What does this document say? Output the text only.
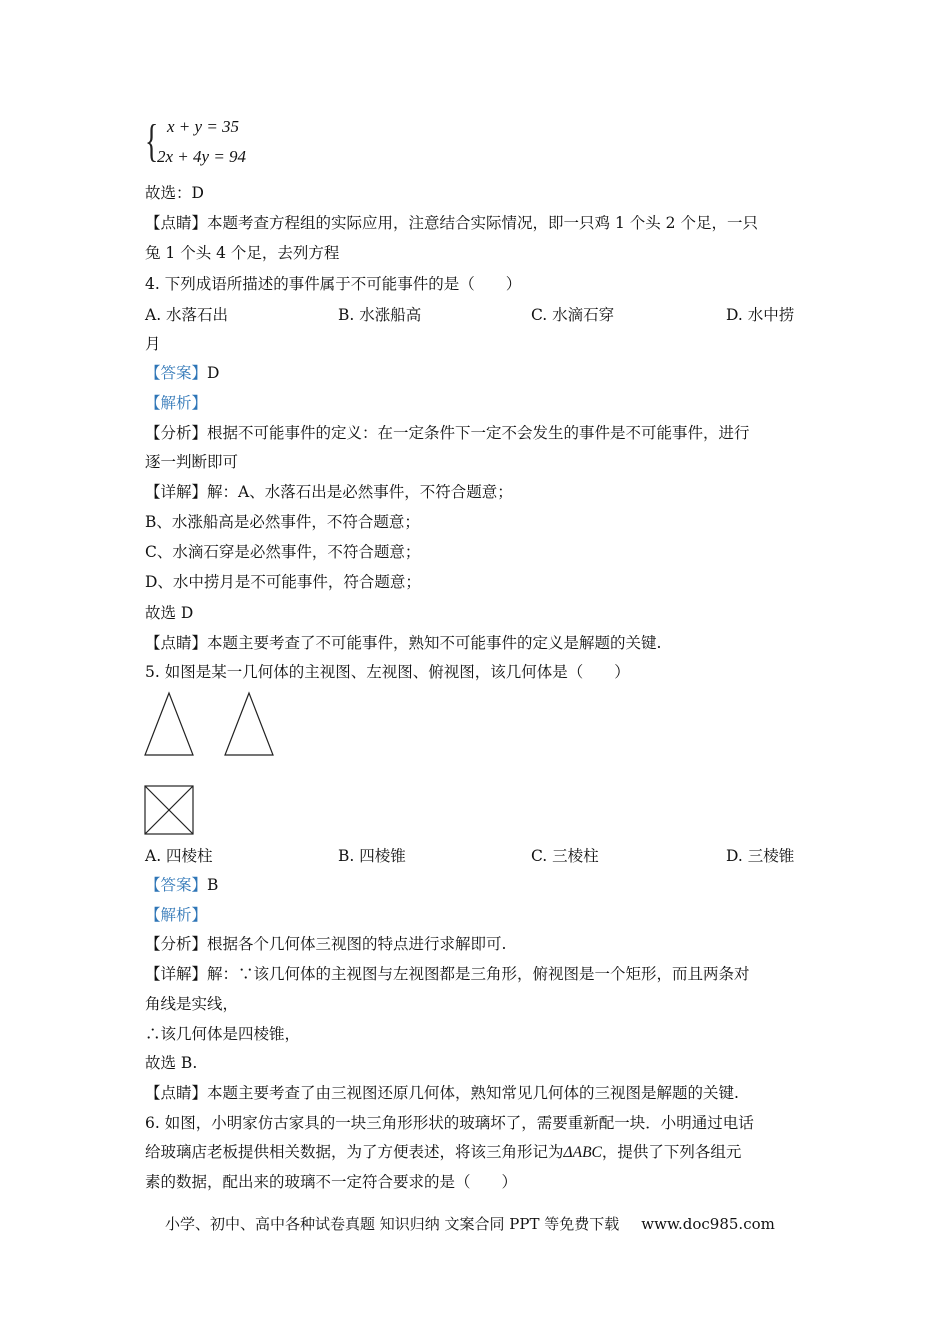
{ x + y = 35
2x + 4y = 94
故选：D
【点睛】本题考查方程组的实际应用，注意结合实际情况，即一只鸡 1 个头 2 个足，一只
兔 1 个头 4 个足，去列方程
4. 下列成语所描述的事件属于不可能事件的是（　　）
A. 水落石出	B. 水涨船高	C. 水滴石穿	D. 水中捞
月
【答案】D
【解析】
【分析】根据不可能事件的定义：在一定条件下一定不会发生的事件是不可能事件，进行
逐一判断即可
【详解】解：A、水落石出是必然事件，不符合题意；
B、水涨船高是必然事件，不符合题意；
C、水滴石穿是必然事件，不符合题意；
D、水中捞月是不可能事件，符合题意；
故选 D
【点睛】本题主要考查了不可能事件，熟知不可能事件的定义是解题的关键.
5. 如图是某一几何体的主视图、左视图、俯视图，该几何体是（　　）
A. 四棱柱	B. 四棱锥	C. 三棱柱	D. 三棱锥
【答案】B
【解析】
【分析】根据各个几何体三视图的特点进行求解即可.
【详解】解：∵该几何体的主视图与左视图都是三角形，俯视图是一个矩形，而且两条对
角线是实线，
∴该几何体是四棱锥，
故选 B.
【点睛】本题主要考查了由三视图还原几何体，熟知常见几何体的三视图是解题的关键.
6. 如图，小明家仿古家具的一块三角形形状的玻璃坏了，需要重新配一块．小明通过电话
给玻璃店老板提供相关数据，为了方便表述，将该三角形记为ΔABC，提供了下列各组元
素的数据，配出来的玻璃不一定符合要求的是（　　）
小学、初中、高中各种试卷真题 知识归纳 文案合同 PPT 等免费下载 www.doc985.com
